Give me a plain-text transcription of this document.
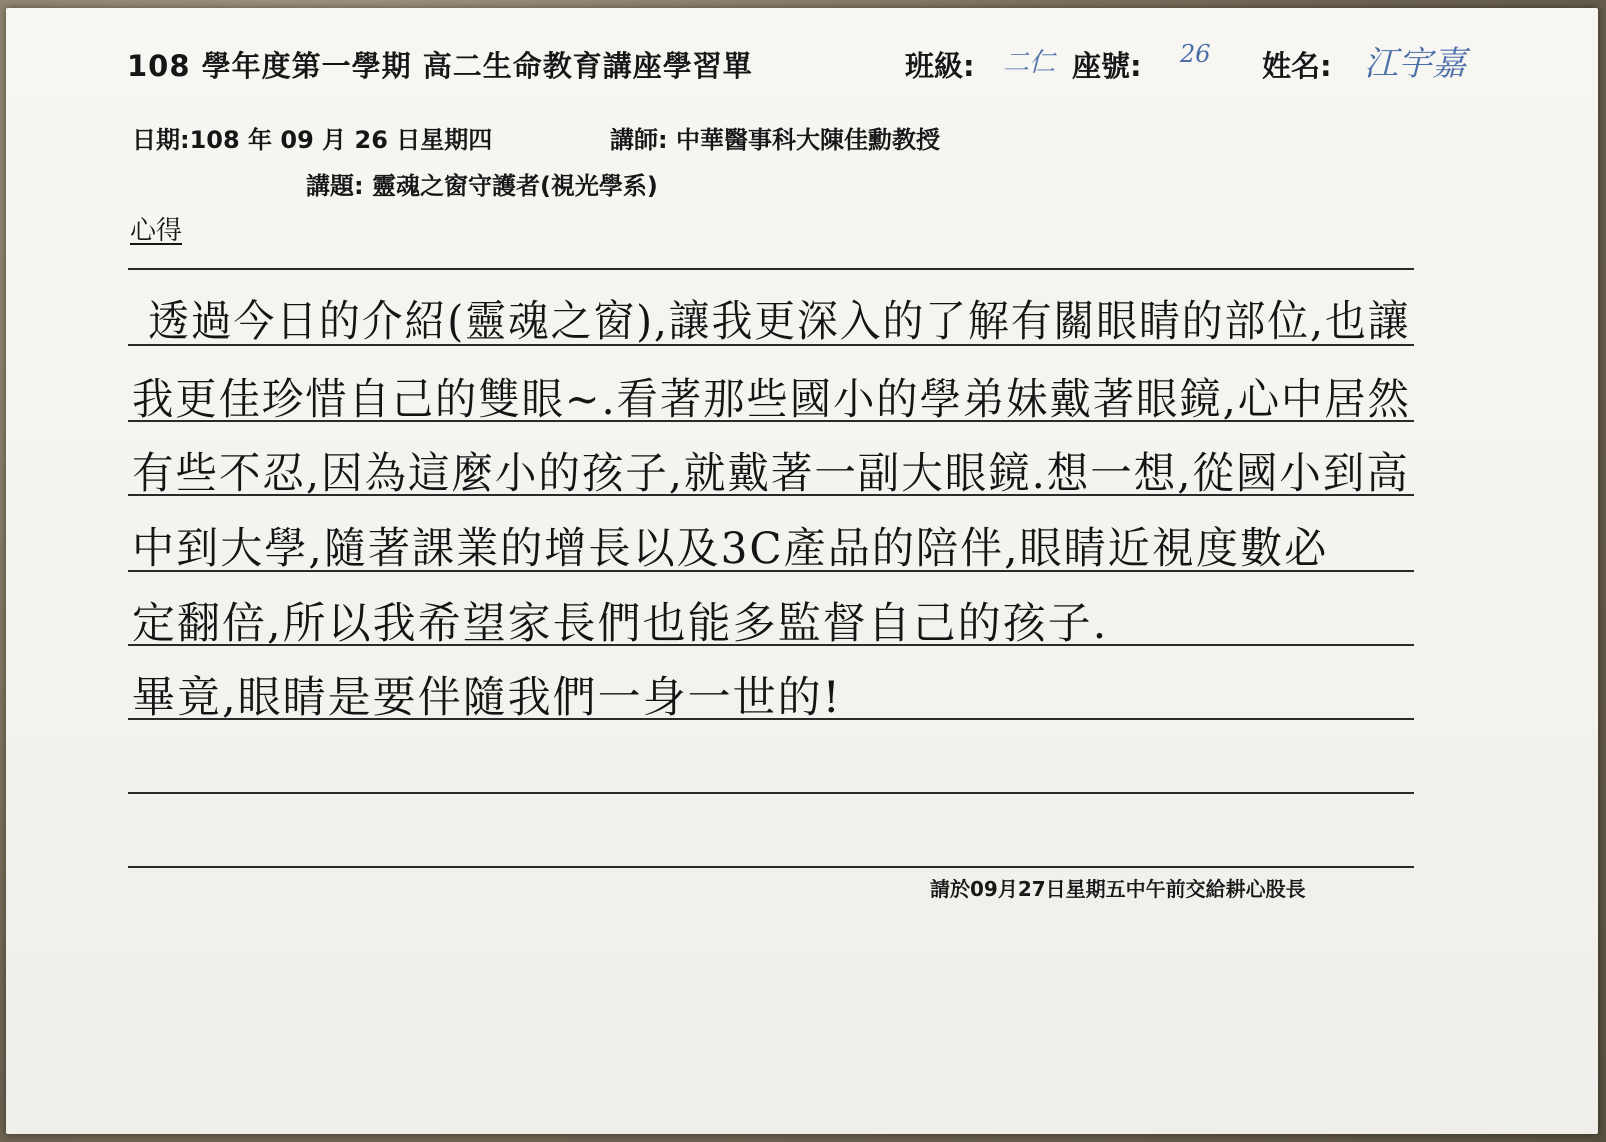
108 學年度第一學期 高二生命教育講座學習單	班級: 二仁 座號: 26 姓名: 江宇嘉
日期:108 年 09 月 26 日星期四	講師: 中華醫事科大陳佳勳教授
講題: 靈魂之窗守護者(視光學系)
心得
透過今日的介紹(靈魂之窗),讓我更深入的了解有關眼睛的部位,也讓
我更佳珍惜自己的雙眼~.看著那些國小的學弟妹戴著眼鏡,心中居然
有些不忍,因為這麼小的孩子,就戴著一副大眼鏡.想一想,從國小到高
中到大學,隨著課業的增長以及3C產品的陪伴,眼睛近視度數必
定翻倍,所以我希望家長們也能多監督自己的孩子.
畢竟,眼睛是要伴隨我們一身一世的!
請於09月27日星期五中午前交給耕心股長
